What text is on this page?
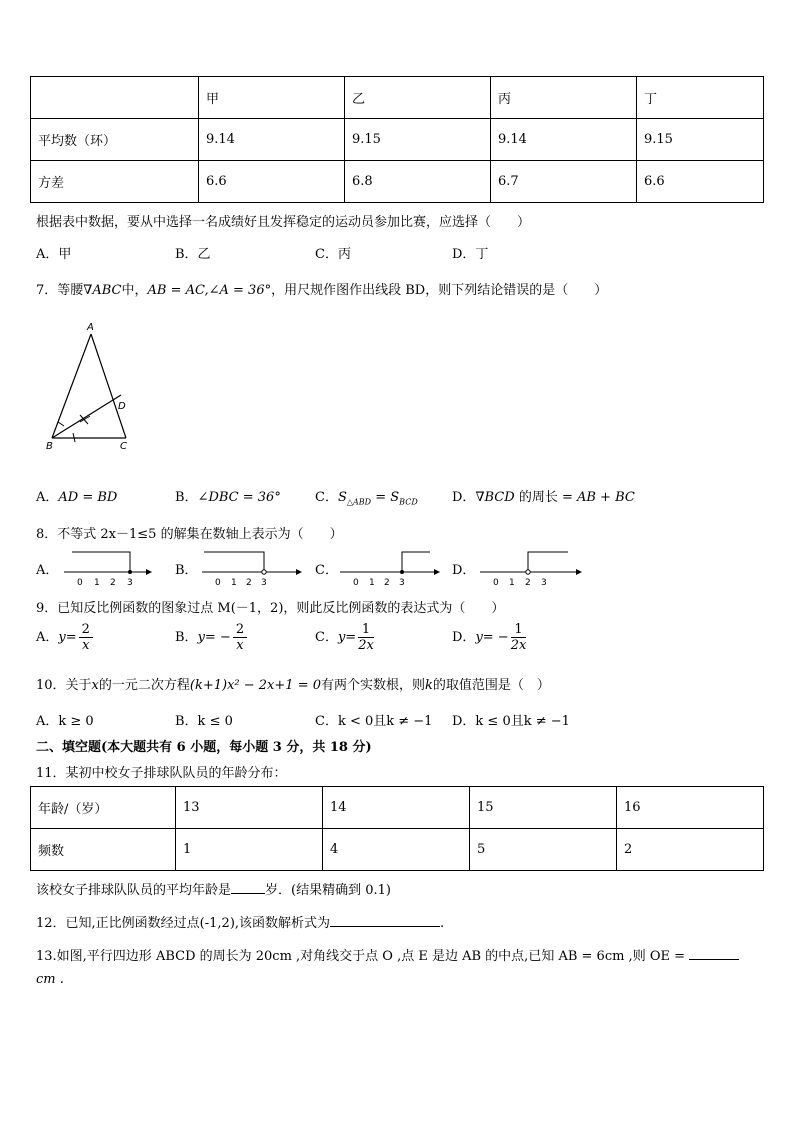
	甲	乙	丙	丁
平均数（环）	9.14	9.15	9.14	9.15
方差	6.6	6.8	6.7	6.6
根据表中数据，要从中选择一名成绩好且发挥稳定的运动员参加比赛，应选择（　　）
A．甲	B．乙	C．丙	D．丁
7．等腰∇ABC中，AB = AC,∠A = 36°，用尺规作图作出线段 BD，则下列结论错误的是（　　）
A
B	C
D
A．AD = BD	B．∠DBC = 36°	C．$S_{\triangle ABD} = S_{BCD}$	D．∇BCD 的周长 = AB + BC
8．不等式 2x－1≤5 的解集在数轴上表示为（　　）
A．
0 1 2 3
B．
0 1 2 3
C．
0 1 2 3
D．
0 1 2 3
9．已知反比例函数的图象过点 M(－1，2)，则此反比例函数的表达式为（　　）
A．$y= \frac{2}{x}$	B．$y= - \frac{2}{x}$	C．$y= \frac{1}{2x}$	D．$y= - \frac{1}{2x}$
10．关于x的一元二次方程(k+1)x² − 2x+1 = 0有两个实数根，则k的取值范围是（　）
A．k ≥ 0	B．k ≤ 0	C．k < 0且k ≠ −1 D．k ≤ 0且k ≠ −1
二、填空题(本大题共有 6 小题，每小题 3 分，共 18 分)
11．某初中校女子排球队队员的年龄分布：
年龄/（岁）	13	14	15	16
频数	1	4	5	2
该校女子排球队队员的平均年龄是	岁．(结果精确到 0.1)
12．已知,正比例函数经过点(-1,2),该函数解析式为	.
13.如图,平行四边形 ABCD 的周长为 20cm ,对角线交于点 O ,点 E 是边 AB 的中点,已知 AB = 6cm ,则 OE =
cm .
